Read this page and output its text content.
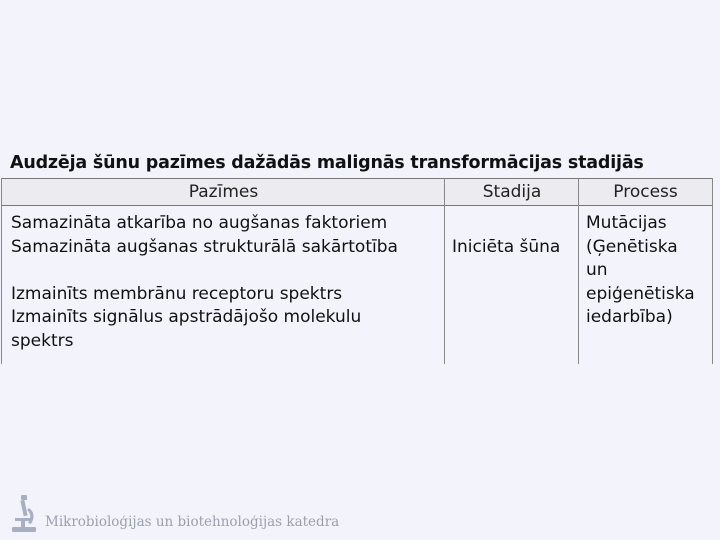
Audzēja šūnu pazīmes dažādās malignās transformācijas stadijās
Pazīmes	Stadija	Process
Samazināta atkarība no augšanas faktoriem
Samazināta augšanas strukturālā sakārtotība
Izmainīts membrānu receptoru spektrs
Izmainīts signālus apstrādājošo molekulu
spektrs
Iniciēta šūna
Mutācijas
(Ģenētiska
un
epiģenētiska
iedarbība)
Mikrobioloģijas un biotehnoloģijas katedra
